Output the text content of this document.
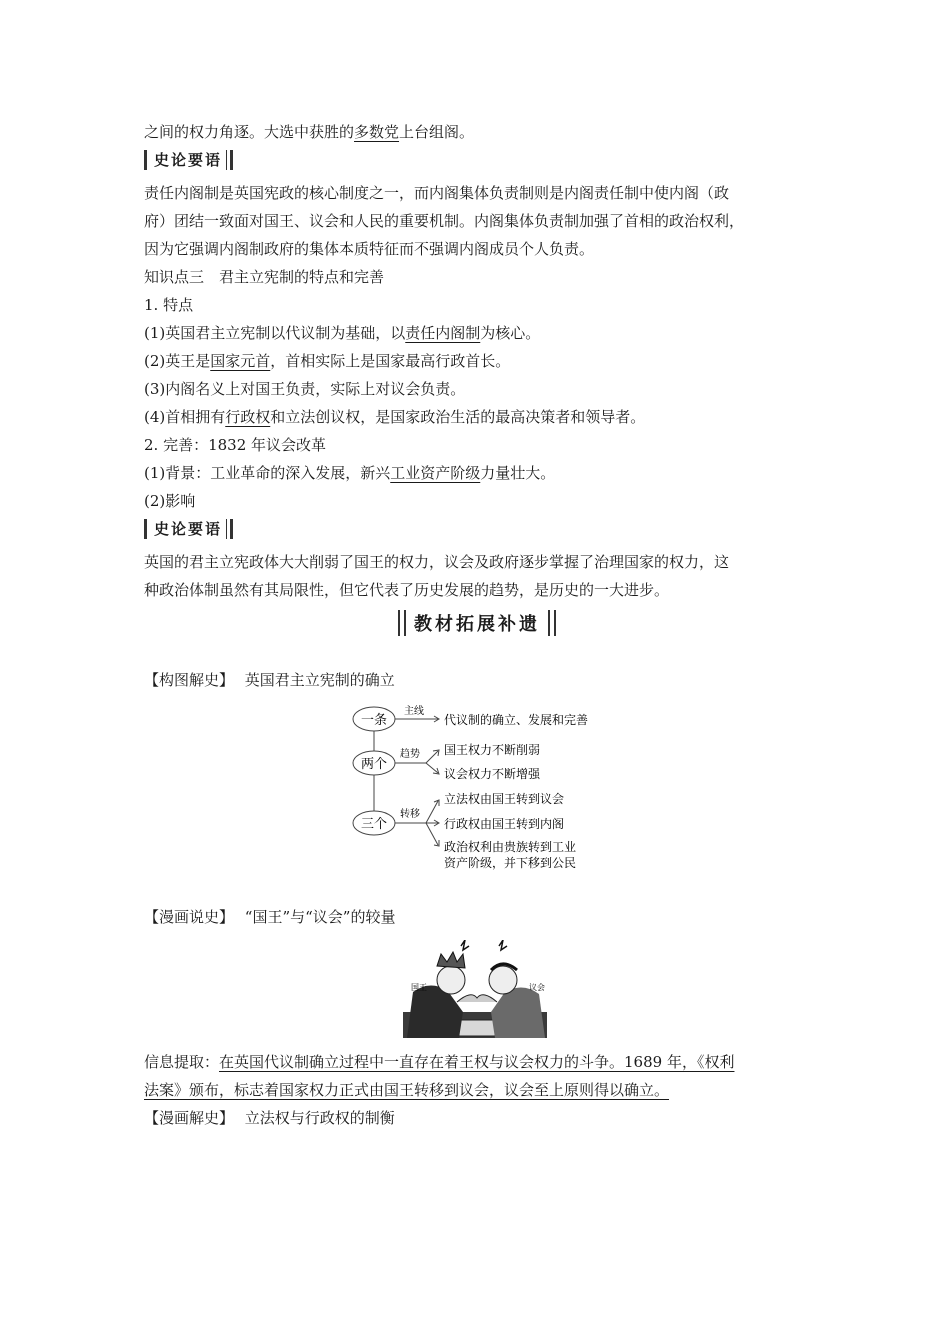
之间的权力角逐。大选中获胜的多数党上台组阁。
史论要语
责任内阁制是英国宪政的核心制度之一，而内阁集体负责制则是内阁责任制中使内阁（政
府）团结一致面对国王、议会和人民的重要机制。内阁集体负责制加强了首相的政治权利，
因为它强调内阁制政府的集体本质特征而不强调内阁成员个人负责。
知识点三　君主立宪制的特点和完善
1. 特点
(1)英国君主立宪制以代议制为基础，以责任内阁制为核心。
(2)英王是国家元首，首相实际上是国家最高行政首长。
(3)内阁名义上对国王负责，实际上对议会负责。
(4)首相拥有行政权和立法创议权，是国家政治生活的最高决策者和领导者。
2. 完善：1832 年议会改革
(1)背景：工业革命的深入发展，新兴工业资产阶级力量壮大。
(2)影响
史论要语
英国的君主立宪政体大大削弱了国王的权力，议会及政府逐步掌握了治理国家的权力，这
种政治体制虽然有其局限性，但它代表了历史发展的趋势，是历史的一大进步。
教材拓展补遗
【构图解史】 英国君主立宪制的确立
一条
两个
三个
主线
代议制的确立、发展和完善
趋势 国王权力不断削弱
议会权力不断增强
转移
立法权由国王转到议会
行政权由国王转到内阁
政治权利由贵族转到工业
资产阶级，并下移到公民
【漫画说史】 “国王”与“议会”的较量
国王	议会
信息提取：在英国代议制确立过程中一直存在着王权与议会权力的斗争。1689 年，《权利
法案》颁布，标志着国家权力正式由国王转移到议会，议会至上原则得以确立。
【漫画解史】 立法权与行政权的制衡
